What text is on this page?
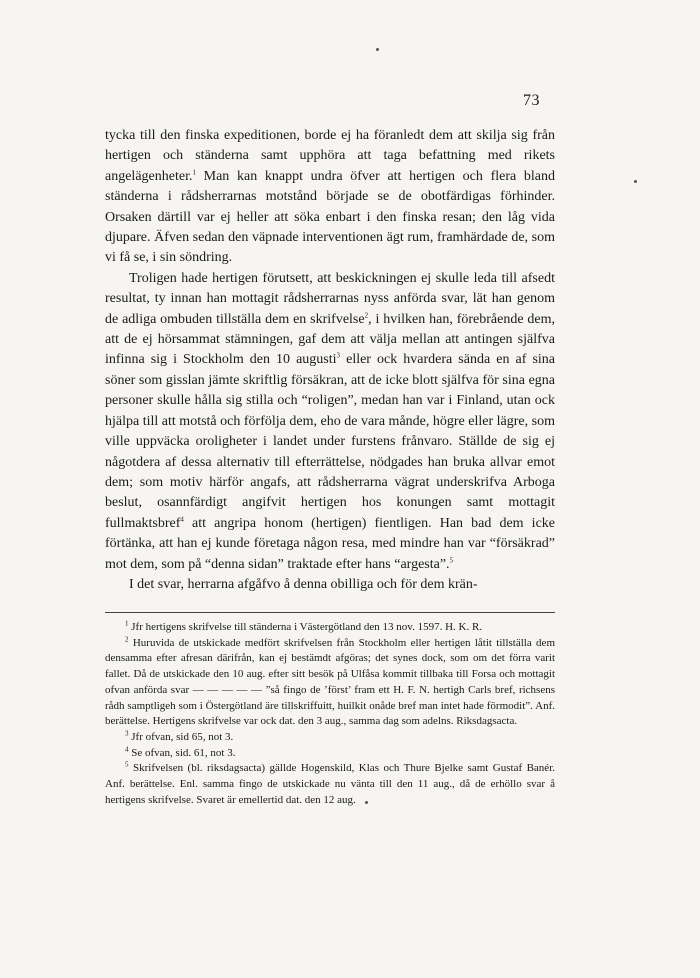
73

tycka till den finska expeditionen, borde ej ha föranledt dem att skilja sig från hertigen och ständerna samt upphöra att taga befattning med rikets angelägenheter.$^1$ Man kan knappt undra öfver att hertigen och flera bland ständerna i rådsherrarnas motstånd började se de obotfärdigas förhinder. Orsaken därtill var ej heller att söka enbart i den finska resan; den låg vida djupare. Äfven sedan den väpnade interventionen ägt rum, framhärdade de, som vi få se, i sin söndring.

Troligen hade hertigen förutsett, att beskickningen ej skulle leda till afsedt resultat, ty innan han mottagit rådsherrarnas nyss anförda svar, lät han genom de adliga ombuden tillställa dem en skrifvelse$^2$, i hvilken han, förebrående dem, att de ej hörsammat stämningen, gaf dem att välja mellan att antingen själfva infinna sig i Stockholm den 10 augusti$^3$ eller ock hvardera sända en af sina söner som gisslan jämte skriftlig försäkran, att de icke blott själfva för sina egna personer skulle hålla sig stilla och “roligen”, medan han var i Finland, utan ock hjälpa till att motstå och förfölja dem, eho de vara månde, högre eller lägre, som ville uppväcka oroligheter i landet under furstens frånvaro. Ställde de sig ej någotdera af dessa alternativ till efterrättelse, nödgades han bruka allvar emot dem; som motiv härför angafs, att rådsherrarna vägrat underskrifva Arboga beslut, osannfärdigt angifvit hertigen hos konungen samt mottagit fullmaktsbref$^4$ att angripa honom (hertigen) fientligen. Han bad dem icke förtänka, att han ej kunde företaga någon resa, med mindre han var “försäkrad” mot dem, som på “denna sidan” traktade efter hans “argesta”.$^5$

I det svar, herrarna afgåfvo å denna obilliga och för dem krän-

$^1$ Jfr hertigens skrifvelse till ständerna i Västergötland den 13 nov. 1597. H. K. R.

$^2$ Huruvida de utskickade medfört skrifvelsen från Stockholm eller hertigen låtit tillställa dem densamma efter afresan därifrån, kan ej bestämdt afgöras; det synes dock, som om det förra varit fallet. Då de utskickade den 10 aug. efter sitt besök på Ulfåsa kommit tillbaka till Forsa och mottagit ofvan anförda svar — — — — — ”så fingo de ’först’ fram ett H. F. N. hertigh Carls bref, richsens rådh samptligeh som i Östergötland äre tillskriffuitt, huilkit onåde bref man intet hade förmodit”. Anf. berättelse. Hertigens skrifvelse var ock dat. den 3 aug., samma dag som adelns. Riksdagsacta.

$^3$ Jfr ofvan, sid 65, not 3.

$^4$ Se ofvan, sid. 61, not 3.

$^5$ Skrifvelsen (bl. riksdagsacta) gällde Hogenskild, Klas och Thure Bjelke samt Gustaf Banér. Anf. berättelse. Enl. samma fingo de utskickade nu vänta till den 11 aug., då de erhöllo svar å hertigens skrifvelse. Svaret är emellertid dat. den 12 aug.
